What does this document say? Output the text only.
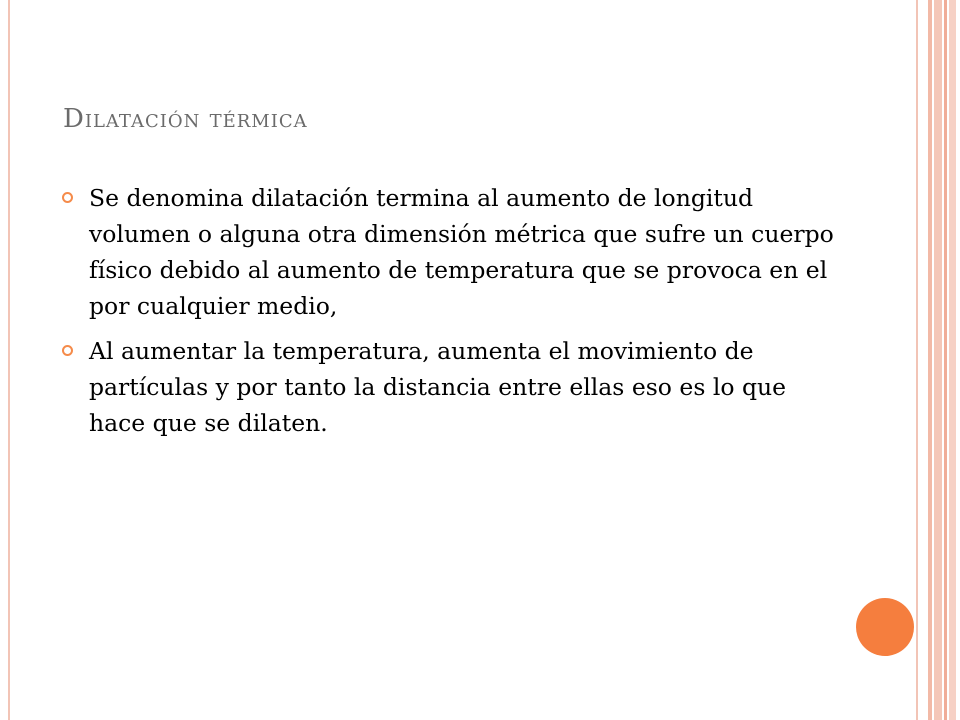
Dilatación térmica
Se denomina dilatación termina al aumento de longitud volumen o alguna otra dimensión métrica que sufre un cuerpo físico debido al aumento de temperatura que se provoca en el por cualquier medio,
Al aumentar la temperatura, aumenta el movimiento de partículas y por tanto la distancia entre ellas eso es lo que hace que se dilaten.
